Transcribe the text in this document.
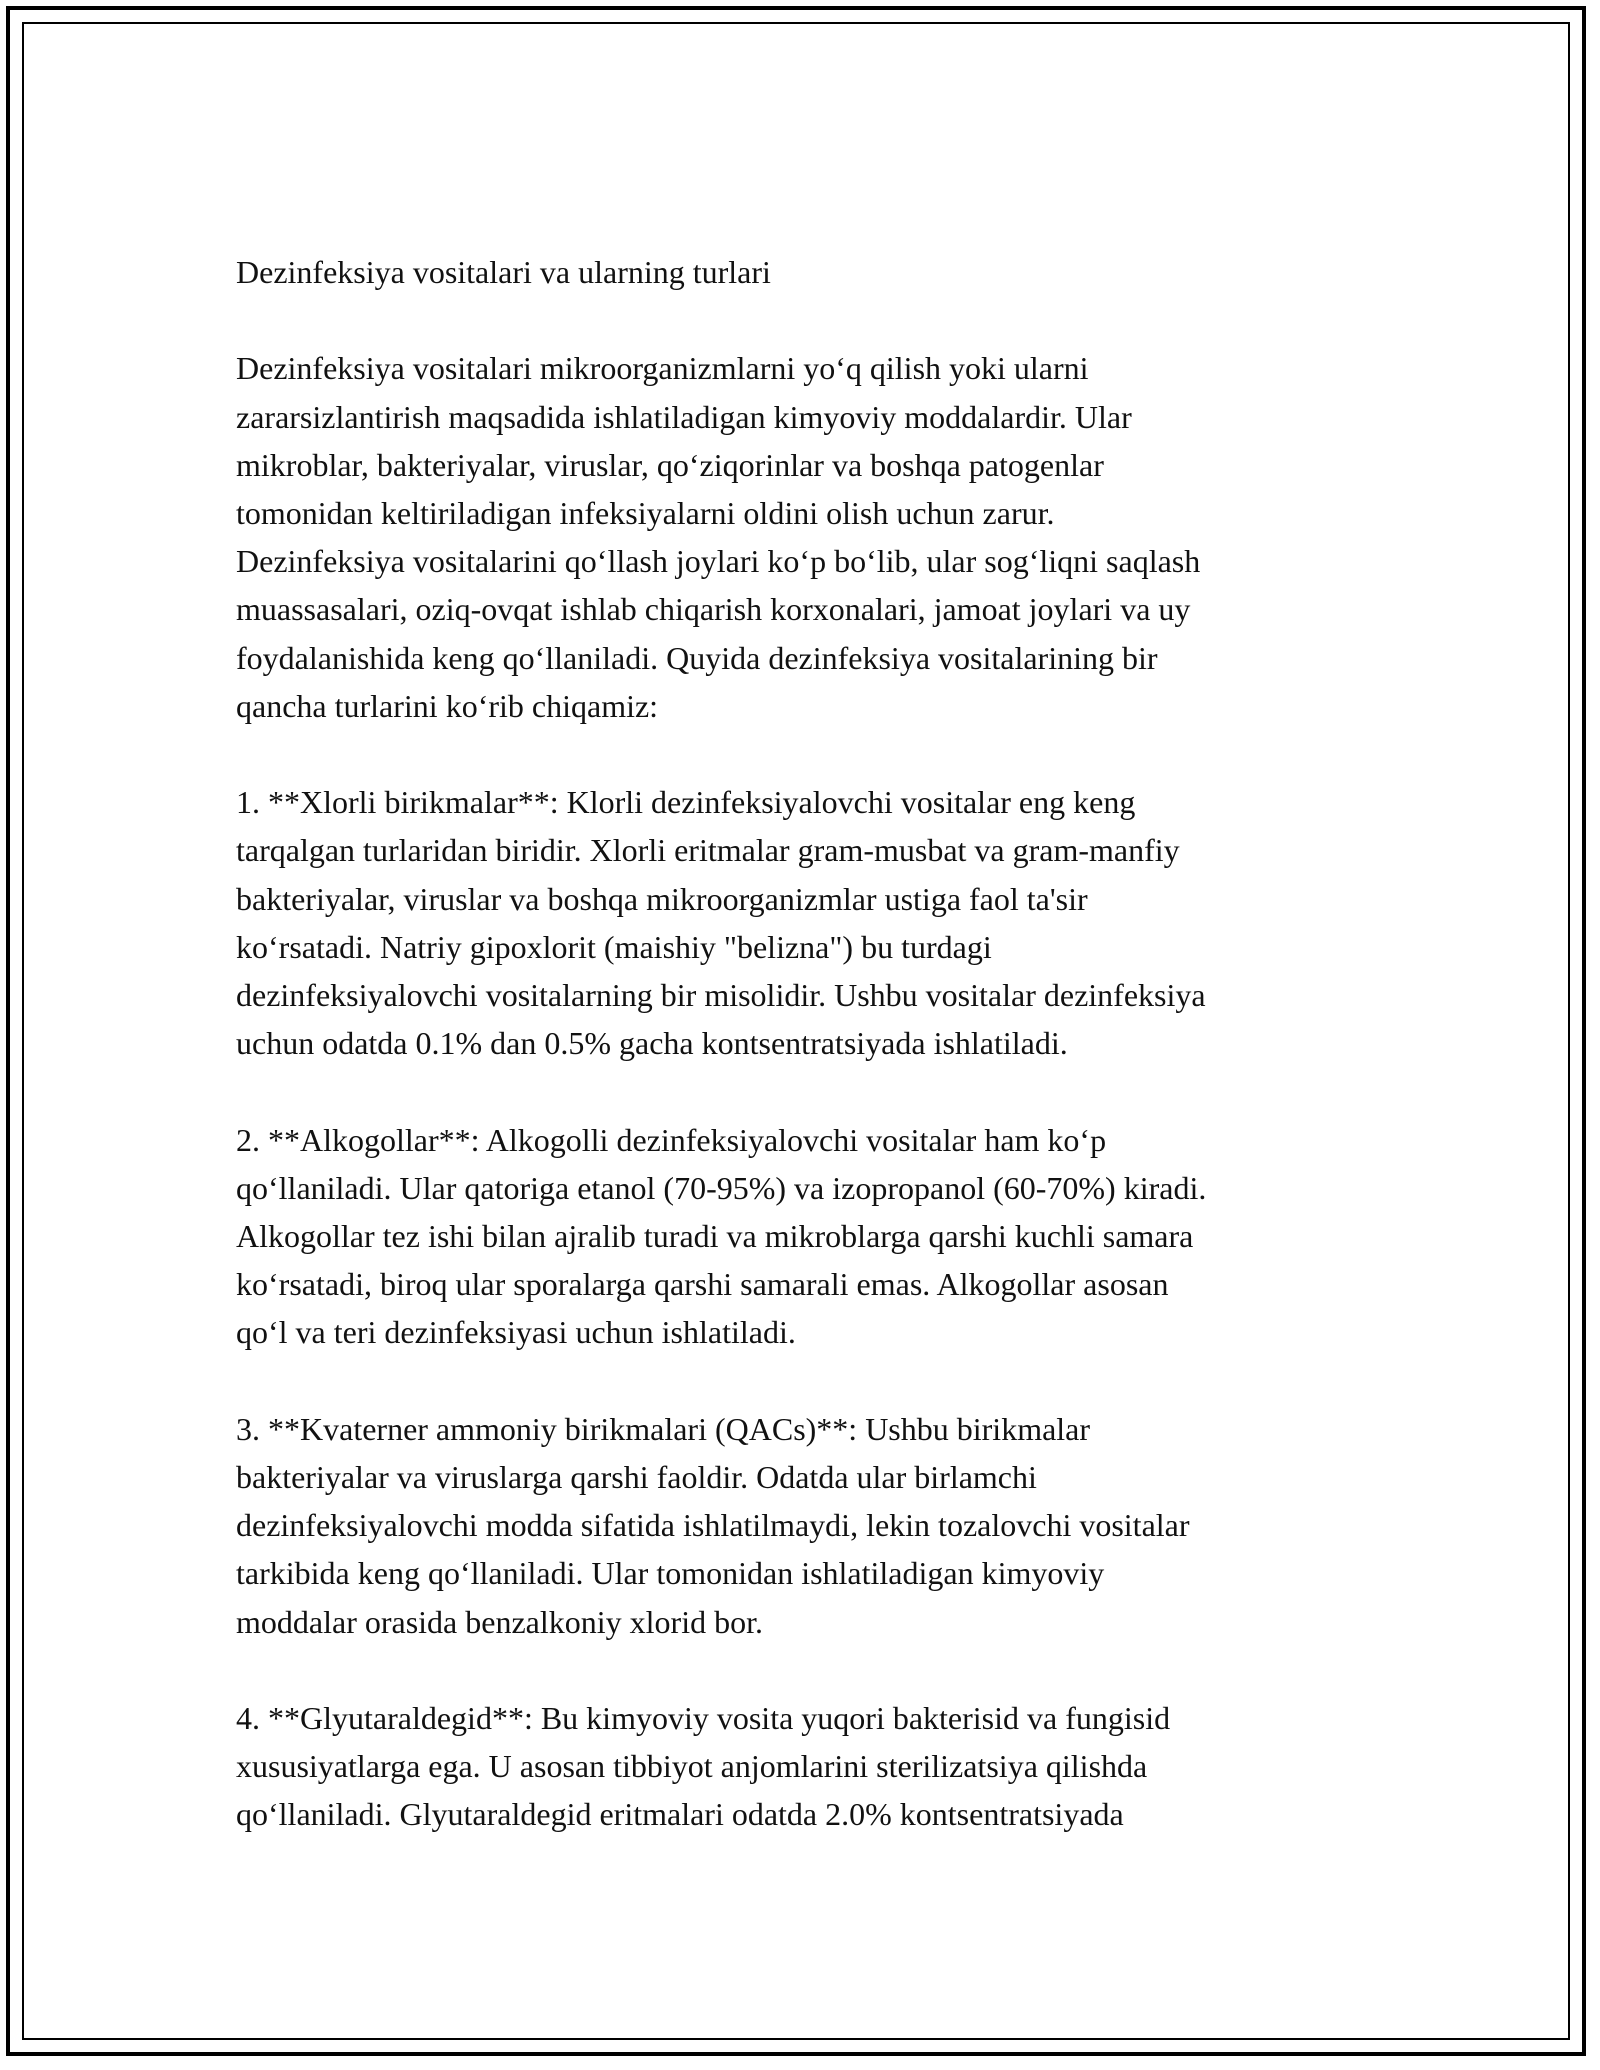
Dezinfeksiya vositalari va ularning turlari
Dezinfeksiya vositalari mikroorganizmlarni yo‘q qilish yoki ularni
zararsizlantirish maqsadida ishlatiladigan kimyoviy moddalardir. Ular
mikroblar, bakteriyalar, viruslar, qo‘ziqorinlar va boshqa patogenlar
tomonidan keltiriladigan infeksiyalarni oldini olish uchun zarur.
Dezinfeksiya vositalarini qo‘llash joylari ko‘p bo‘lib, ular sog‘liqni saqlash
muassasalari, oziq-ovqat ishlab chiqarish korxonalari, jamoat joylari va uy
foydalanishida keng qo‘llaniladi. Quyida dezinfeksiya vositalarining bir
qancha turlarini ko‘rib chiqamiz:
1. **Xlorli birikmalar**: Klorli dezinfeksiyalovchi vositalar eng keng
tarqalgan turlaridan biridir. Xlorli eritmalar gram-musbat va gram-manfiy
bakteriyalar, viruslar va boshqa mikroorganizmlar ustiga faol ta'sir
ko‘rsatadi. Natriy gipoxlorit (maishiy "belizna") bu turdagi
dezinfeksiyalovchi vositalarning bir misolidir. Ushbu vositalar dezinfeksiya
uchun odatda 0.1% dan 0.5% gacha kontsentratsiyada ishlatiladi.
2. **Alkogollar**: Alkogolli dezinfeksiyalovchi vositalar ham ko‘p
qo‘llaniladi. Ular qatoriga etanol (70-95%) va izopropanol (60-70%) kiradi.
Alkogollar tez ishi bilan ajralib turadi va mikroblarga qarshi kuchli samara
ko‘rsatadi, biroq ular sporalarga qarshi samarali emas. Alkogollar asosan
qo‘l va teri dezinfeksiyasi uchun ishlatiladi.
3. **Kvaterner ammoniy birikmalari (QACs)**: Ushbu birikmalar
bakteriyalar va viruslarga qarshi faoldir. Odatda ular birlamchi
dezinfeksiyalovchi modda sifatida ishlatilmaydi, lekin tozalovchi vositalar
tarkibida keng qo‘llaniladi. Ular tomonidan ishlatiladigan kimyoviy
moddalar orasida benzalkoniy xlorid bor.
4. **Glyutaraldegid**: Bu kimyoviy vosita yuqori bakterisid va fungisid
xususiyatlarga ega. U asosan tibbiyot anjomlarini sterilizatsiya qilishda
qo‘llaniladi. Glyutaraldegid eritmalari odatda 2.0% kontsentratsiyada
